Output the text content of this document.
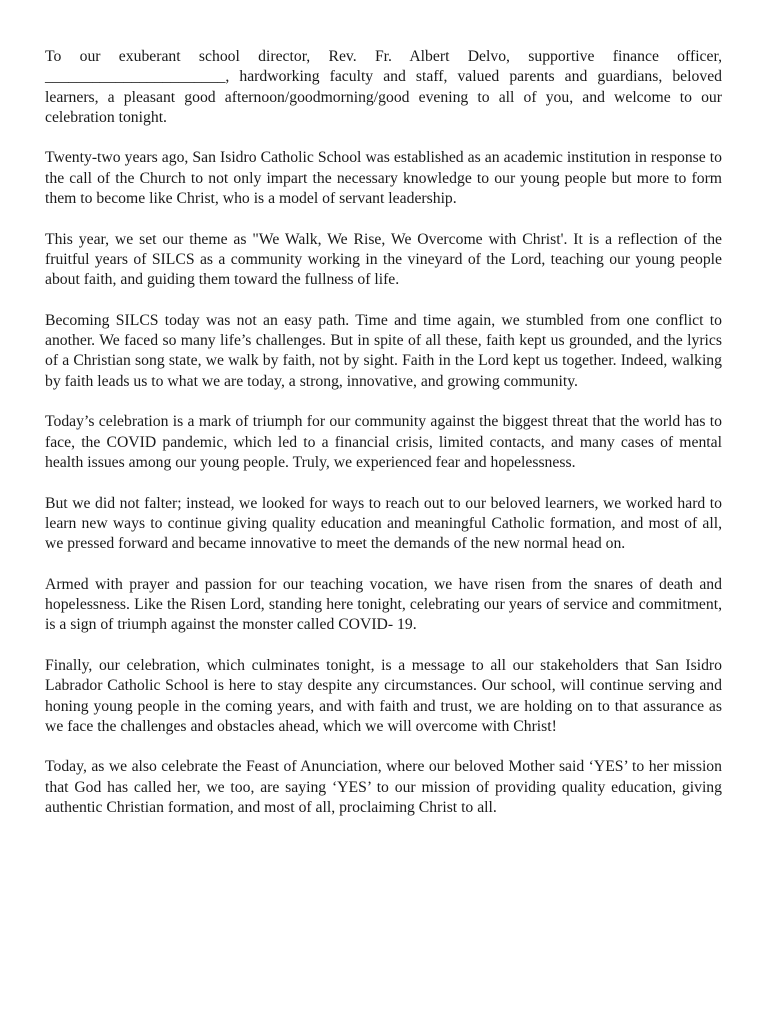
To our exuberant school director, Rev. Fr. Albert Delvo, supportive finance officer, _______________________, hardworking faculty and staff, valued parents and guardians, beloved learners, a pleasant good afternoon/goodmorning/good evening to all of you, and welcome to our celebration tonight.

Twenty-two years ago, San Isidro Catholic School was established as an academic institution in response to the call of the Church to not only impart the necessary knowledge to our young people but more to form them to become like Christ, who is a model of servant leadership.

This year, we set our theme as "We Walk, We Rise, We Overcome with Christ'. It is a reflection of the fruitful years of SILCS as a community working in the vineyard of the Lord, teaching our young people about faith, and guiding them toward the fullness of life.

Becoming SILCS today was not an easy path. Time and time again, we stumbled from one conflict to another. We faced so many life’s challenges. But in spite of all these, faith kept us grounded, and the lyrics of a Christian song state, we walk by faith, not by sight. Faith in the Lord kept us together. Indeed, walking by faith leads us to what we are today, a strong, innovative, and growing community.

Today’s celebration is a mark of triumph for our community against the biggest threat that the world has to face, the COVID pandemic, which led to a financial crisis, limited contacts, and many cases of mental health issues among our young people. Truly, we experienced fear and hopelessness.

But we did not falter; instead, we looked for ways to reach out to our beloved learners, we worked hard to learn new ways to continue giving quality education and meaningful Catholic formation, and most of all, we pressed forward and became innovative to meet the demands of the new normal head on.

Armed with prayer and passion for our teaching vocation, we have risen from the snares of death and hopelessness. Like the Risen Lord, standing here tonight, celebrating our years of service and commitment, is a sign of triumph against the monster called COVID- 19.

Finally, our celebration, which culminates tonight, is a message to all our stakeholders that San Isidro Labrador Catholic School is here to stay despite any circumstances. Our school, will continue serving and honing young people in the coming years, and with faith and trust, we are holding on to that assurance as we face the challenges and obstacles ahead, which we will overcome with Christ!

Today, as we also celebrate the Feast of Anunciation, where our beloved Mother said ‘YES’ to her mission that God has called her, we too, are saying ‘YES’ to our mission of providing quality education, giving authentic Christian formation, and most of all, proclaiming Christ to all.
